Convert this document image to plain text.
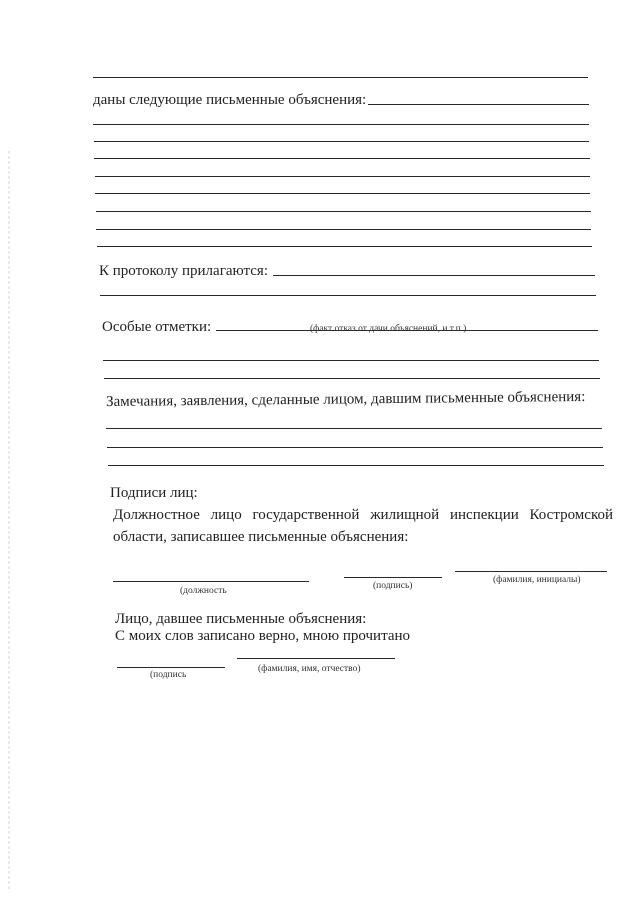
даны следующие письменные объяснения:
К протоколу прилагаются:
Особые отметки:	(факт отказ от дачи объяснений, и т.п.)
Замечания, заявления, сделанные лицом, давшим письменные объяснения:
Подписи лиц:
Должностное лицо государственной жилищной инспекции Костромской
области, записавшее письменные объяснения:
(должность	(подпись)
(фамилия, инициалы)
Лицо, давшее письменные объяснения:
С моих слов записано верно, мною прочитано
(подпись
(фамилия, имя, отчество)
